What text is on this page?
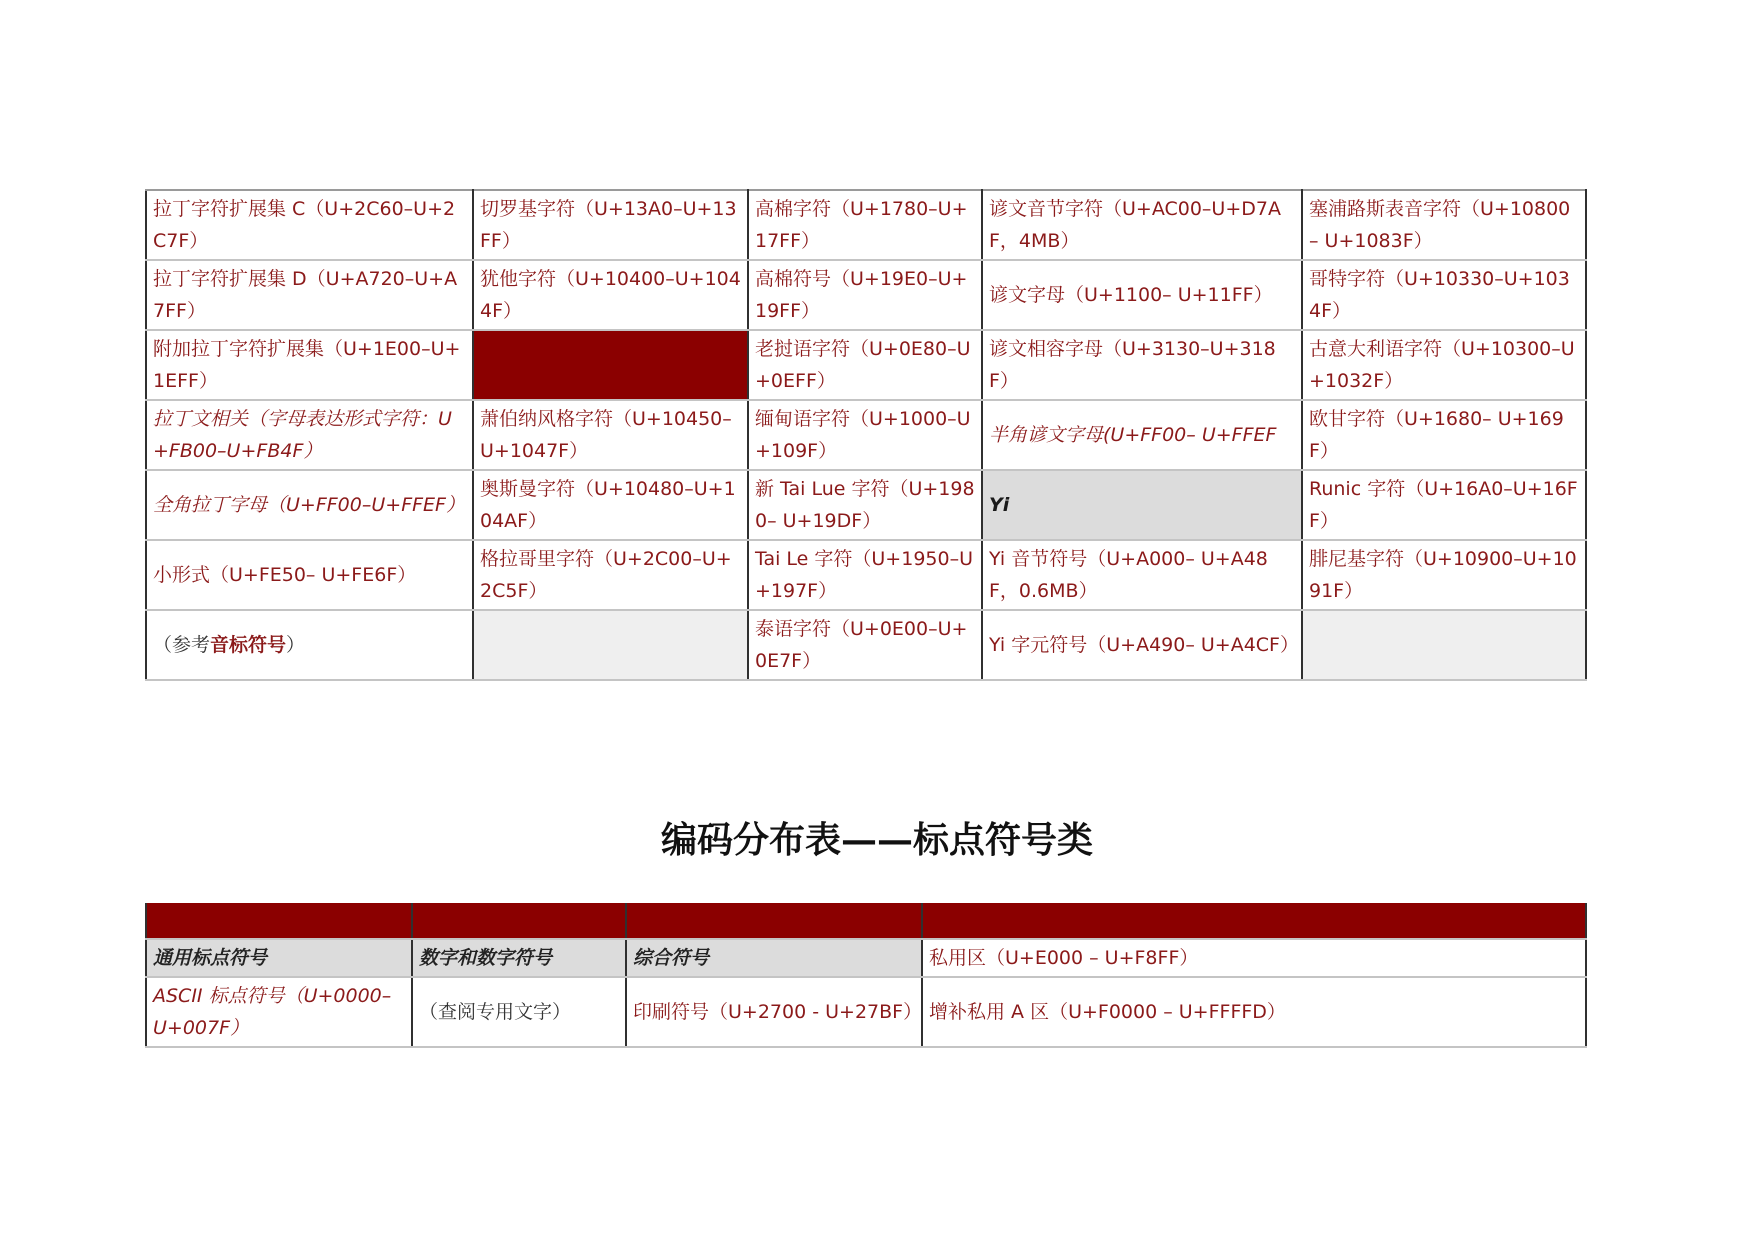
拉丁字符扩展集 C（U+2C60–U+2C7F）	切罗基字符（U+13A0–U+13FF）	高棉字符（U+1780–U+17FF）	谚文音节字符（U+AC00–U+D7AF，4MB）	塞浦路斯表音字符（U+10800– U+1083F）
拉丁字符扩展集 D（U+A720–U+A7FF）	犹他字符（U+10400–U+1044F）	高棉符号（U+19E0–U+19FF）	谚文字母（U+1100– U+11FF）	哥特字符（U+10330–U+1034F）
附加拉丁字符扩展集（U+1E00–U+1EFF）		老挝语字符（U+0E80–U+0EFF）	谚文相容字母（U+3130–U+318F）	古意大利语字符（U+10300–U+1032F）
拉丁文相关（字母表达形式字符：U+FB00–U+FB4F）	萧伯纳风格字符（U+10450–U+1047F）	缅甸语字符（U+1000–U+109F）	半角谚文字母(U+FF00– U+FFEF	欧甘字符（U+1680– U+169F）
全角拉丁字母（U+FF00–U+FFEF）	奥斯曼字符（U+10480–U+104AF）	新 Tai Lue 字符（U+1980– U+19DF）	Yi	Runic 字符（U+16A0–U+16FF）
小形式（U+FE50– U+FE6F）	格拉哥里字符（U+2C00–U+2C5F）	Tai Le 字符（U+1950–U+197F）	Yi 音节符号（U+A000– U+A48F，0.6MB）	腓尼基字符（U+10900–U+1091F）
（参考音标符号）		泰语字符（U+0E00–U+0E7F）	Yi 字元符号（U+A490– U+A4CF）	
编码分布表——标点符号类

通用标点符号	数字和数字符号	综合符号	私用区（U+E000 – U+F8FF）
ASCII 标点符号（U+0000–U+007F）	（查阅专用文字）	印刷符号（U+2700 - U+27BF）	增补私用 A 区（U+F0000 – U+FFFFD）
